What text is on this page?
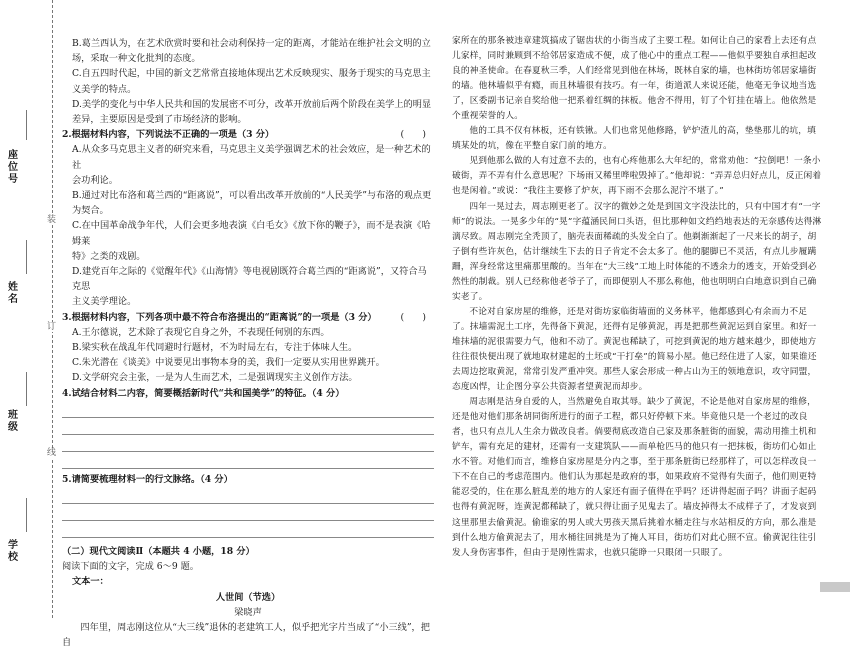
座位号
姓名
班级
学校
装
订
线
B.葛兰西认为，在艺术欣赏时要和社会动利保持一定的距离，才能站在维护社会文明的立
场，采取一种文化批判的态度。
C.自五四时代起，中国的新文艺常常直接地体现出艺术反映现实、服务于现实的马克思主
义美学的特点。
D.美学的变化与中华人民共和国的发展密不可分，改革开放前后两个阶段在美学上的明显
差异，主要原因是受到了市场经济的影响。
(　　)
2.根据材料内容，下列说法不正确的一项是（3 分）
A.从众多马克思主义者的研究来看，马克思主义美学强调艺术的社会效应，是一种艺术的社
会功利论。
B.通过对比布洛和葛兰西的“距离说”，可以看出改革开放前的“人民美学”与布洛的观点更
为契合。
C.在中国革命战争年代，人们会更多地表演《白毛女》《放下你的鞭子》，而不是表演《哈姆莱
特》之类的戏剧。
D.建党百年之际的《觉醒年代》《山海情》等电视剧既符合葛兰西的“距离说”，又符合马克思
主义美学理论。
(　　)
3.根据材料内容，下列各项中最不符合布洛提出的“距离说”的一项是（3 分）
A.王尔德说，艺术除了表现它自身之外，不表现任何别的东西。
B.梁实秋在战乱年代同避时行题材，不为时局左右，专注于体味人生。
C.朱光潜在《谈美》中说要见出事物本身的美，我们一定要从实用世界跳开。
D.文学研究会主张，一是为人生而艺术，二是强调现实主义创作方法。
4.试结合材料二内容，简要概括新时代“共和国美学”的特征。（4 分）
5.请简要梳理材料一的行文脉络。（4 分）
（二）现代文阅读Ⅱ（本题共 4 小题，18 分）
阅读下面的文字，完成 6～9 题。
文本一：
人世间（节选）
梁晓声
四年里，周志刚这位从“大三线”退休的老建筑工人，似乎把光字片当成了“小三线”，把自
家所在的那条被违章建筑搞成了锯齿状的小街当成了主要工程。如何让自己的家看上去还有点儿家样，同时兼顾到不给邻居家造成不便，成了他心中的重点工程——他似乎要独自承担起改良的神圣使命。在春夏秋三季，人们经常见到他在林场，既林自家的墙，也林街坊邻居家墙街的墙。他林墙似乎有瘾，而且林墙很有技巧。有一年，街道派人来说还能，他毫无争议地当选了，区委副书记亲自奖给他一把系着红绸的抹板。他舍不得用，钉了个钉挂在墙上。他依然是个重视荣誉的人。
他的工具不仅有林板，还有铁锹。人们也常见他修路，铲炉渣儿的高，垫垫那儿的坑，填填某处的坑，像在平整自家门前的地方。
见到他那么做的人有过意不去的，也有心疼他那么大年纪的，常常劝他：“拉倒吧！一条小破街，弄不弄有什么意思呢？下场雨又稀里哗啦毁掉了。”他却说：“弄弄总归好点儿，反正闲着也是闲着。”或说：“我往主要修了炉灰，再下雨不会那么泥泞不堪了。”
四年一晃过去，周志刚更老了。汉字的微妙之处是到国文字没法比的，只有中国才有“一字师”的说法。一晃多少年的“晃”字蕴涵民间口头语，但比那种如文绉绉地表达的无奈感传达得淋漓尽致。周志刚完全秃顶了，脑壳表面稀疏的头发全白了。他剃渐渐起了一尺来长的胡子，胡子倒有些许灰色，估计继续生下去的日子肯定不会太多了。他的腿脚已不灵活，有点儿步履蹒跚，浑身经常这里痛那里酸的。当年在“大三线”工地上时体能的不透余力的透支，开始受到必然性的制裁。别人已经称他老爷子了，而即便别人不那么称他，他也明明白白地意识到自己确实老了。
不论对自家房屋的维修，还是对街坊家临街墙面的义务林平，他都感到心有余而力不足了。抹墙需泥土工序，先得备下黄泥，还得有足够黄泥，再是把那些黄泥运到自家里。和好一堆抹墙的泥很需要力气，他和不动了。黄泥也稀缺了，可挖到黄泥的地方越来越少，即使地方往往很快便出现了就地取材建起的土坯或“干打垒”的简易小屋。他已经住进了人家，如果谁还去周边挖取黄泥，常常引发严重冲突。那些人家会形成一种占山为王的领地意识，攻守同盟，态度凶悍，让企图分享公共资源者望黄泥而却步。
周志刚是洁身自爱的人，当然避免自取其辱。缺少了黄泥，不论是他对自家房屋的维修，还是他对他们那条胡同街所进行的面子工程，都只好停顿下来。毕竟他只是一个老过的改良者，也只有点儿人生余力做改良者。倘要彻底改造自己家及那条脏街的面貌，需动用推土机和铲车，需有充足的建材，还需有一支建筑队——而单枪匹马的他只有一把抹板，街坊们心如止水不管。对他们而言，维修自家房屋是分内之事，至于那条脏街已经那样了，可以怎样改良一下不在自己的考虑范围内。他们认为那起是政府的事，如果政府不觉得有失面子，他们则更特能忍受的，住在那么脏乱差的地方的人家还有面子值得在乎吗？还讲得起面子吗？讲面子起码也得有黄泥呀，连黄泥都稀缺了，就只得让面子见鬼去了。墙皮掉得太不成样子了，才发哀到这里那里去偷黄泥。偷谁家的男人或大男孩天黑后挑着水桶走往与水站相反的方向，那么准是到什么地方偷黄泥去了，用水桶往回挑是为了掩人耳目，街坊们对此心照不宣。偷黄泥往往引发人身伤害事件，但由于是刚性需求，也就只能睁一只眼闭一只眼了。
